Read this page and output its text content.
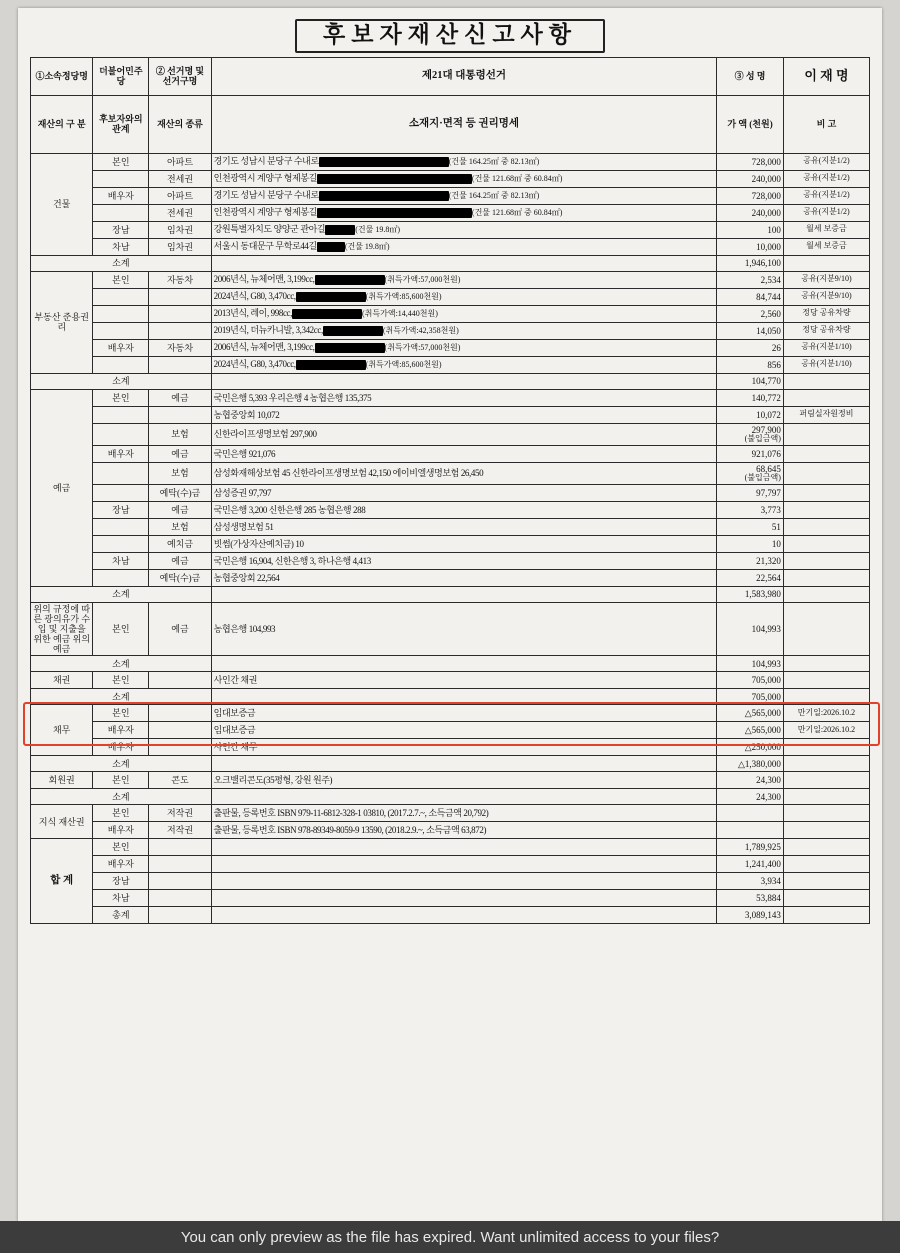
후보자재산신고사항					
①소속정당명	더불어민주당	② 선거명 및 선거구명	제21대 대통령선거	③ 성 명	이 재 명
재산의 구 분	후보자와의 관계	재산의 종류	소재지·면적 등 권리명세	가 액 (천원)	비 고
건물	본인	아파트	경기도 성남시 분당구 수내로 (건물 164.25㎡ 중 82.13㎡)	728,000	공유(지분1/2)
		전세권	인천광역시 계양구 형제봉길 (건물 121.68㎡ 중 60.84㎡)	240,000	공유(지분1/2)
	배우자	아파트	경기도 성남시 분당구 수내로 (건물 164.25㎡ 중 82.13㎡)	728,000	공유(지분1/2)
		전세권	인천광역시 계양구 형제봉길 (건물 121.68㎡ 중 60.84㎡)	240,000	공유(지분1/2)
	장남	임차권	강원특별자치도 양양군 관아길 (건물 19.8㎡)	100	월세 보증금
	차남	임차권	서울시 동대문구 무학로44길 (건물 19.8㎡)	10,000	월세 보증금
소계				1,946,100	
부동산 준용권리	본인	자동차	2006년식, 뉴체어맨, 3,199cc, (취득가액:57,000천원)	2,534	공유(지분9/10)
			2024년식, G80, 3,470cc, (취득가액:85,600천원)	84,744	공유(지분9/10)
			2013년식, 레이, 998cc, (취득가액:14,440천원)	2,560	정당 공유차량
			2019년식, 더뉴카니발, 3,342cc, (취득가액:42,358천원)	14,050	정당 공유차량
	배우자	자동차	2006년식, 뉴체어맨, 3,199cc, (취득가액:57,000천원)	26	공유(지분1/10)
			2024년식, G80, 3,470cc, (취득가액:85,600천원)	856	공유(지분1/10)
소계				104,770	
예금	본인	예금	국민은행 5,393 우리은행 4 농협은행 135,375	140,772	
			농협중앙회 10,072	10,072	퍼림실자원정비
		보험	신한라이프생명보험 297,900	297,900
(불입금액)	

	배우자	예금	국민은행 921,076	921,076	
		보험	삼성화재해상보험 45 신한라이프생명보험 42,150 에이비엘생명보험 26,450	68,645
(불입금액)	

		예탁(수)금	삼성증권 97,797	97,797	
	장남	예금	국민은행 3,200 신한은행 285 농협은행 288	3,773	
		보험	삼성생명보험 51	51	
		예치금	빗썸(가상자산예치금) 10	10	
	차남	예금	국민은행 16,904, 신한은행 3, 하나은행 4,413	21,320	
		예탁(수)금	농협중앙회 22,564	22,564	
소계				1,583,980	
위의 규정에 따른 광의유가 수입 및 지출을 위한 예금 위의 예금	본인	예금	농협은행 104,993	104,993	
소계				104,993	
채권	본인		사인간 채권	705,000	
소계				705,000	
채무	본인		임대보증금	△565,000	만기일:2026.10.2
	배우자		임대보증금	△565,000	만기일:2026.10.2
	배우자		사인간 채무	△250,000	
소계				△1,380,000	
회원권	본인	콘도	오크밸리콘도(35평형, 강원 원주)	24,300	
소계				24,300	
지식 재산권	본인	저작권	출판물, 등록번호 ISBN 979-11-6812-328-1 03810, (2017.2.7.~, 소득금액 20,792)		
	배우자	저작권	출판물, 등록번호 ISBN 978-89349-8059-9 13590, (2018.2.9.~, 소득금액 63,872)		
합 계	본인			1,789,925	
	배우자			1,241,400	
	장남			3,934	
	차남			53,884	
	총계			3,089,143	
You can only preview as the file has expired. Want unlimited access to your files?
